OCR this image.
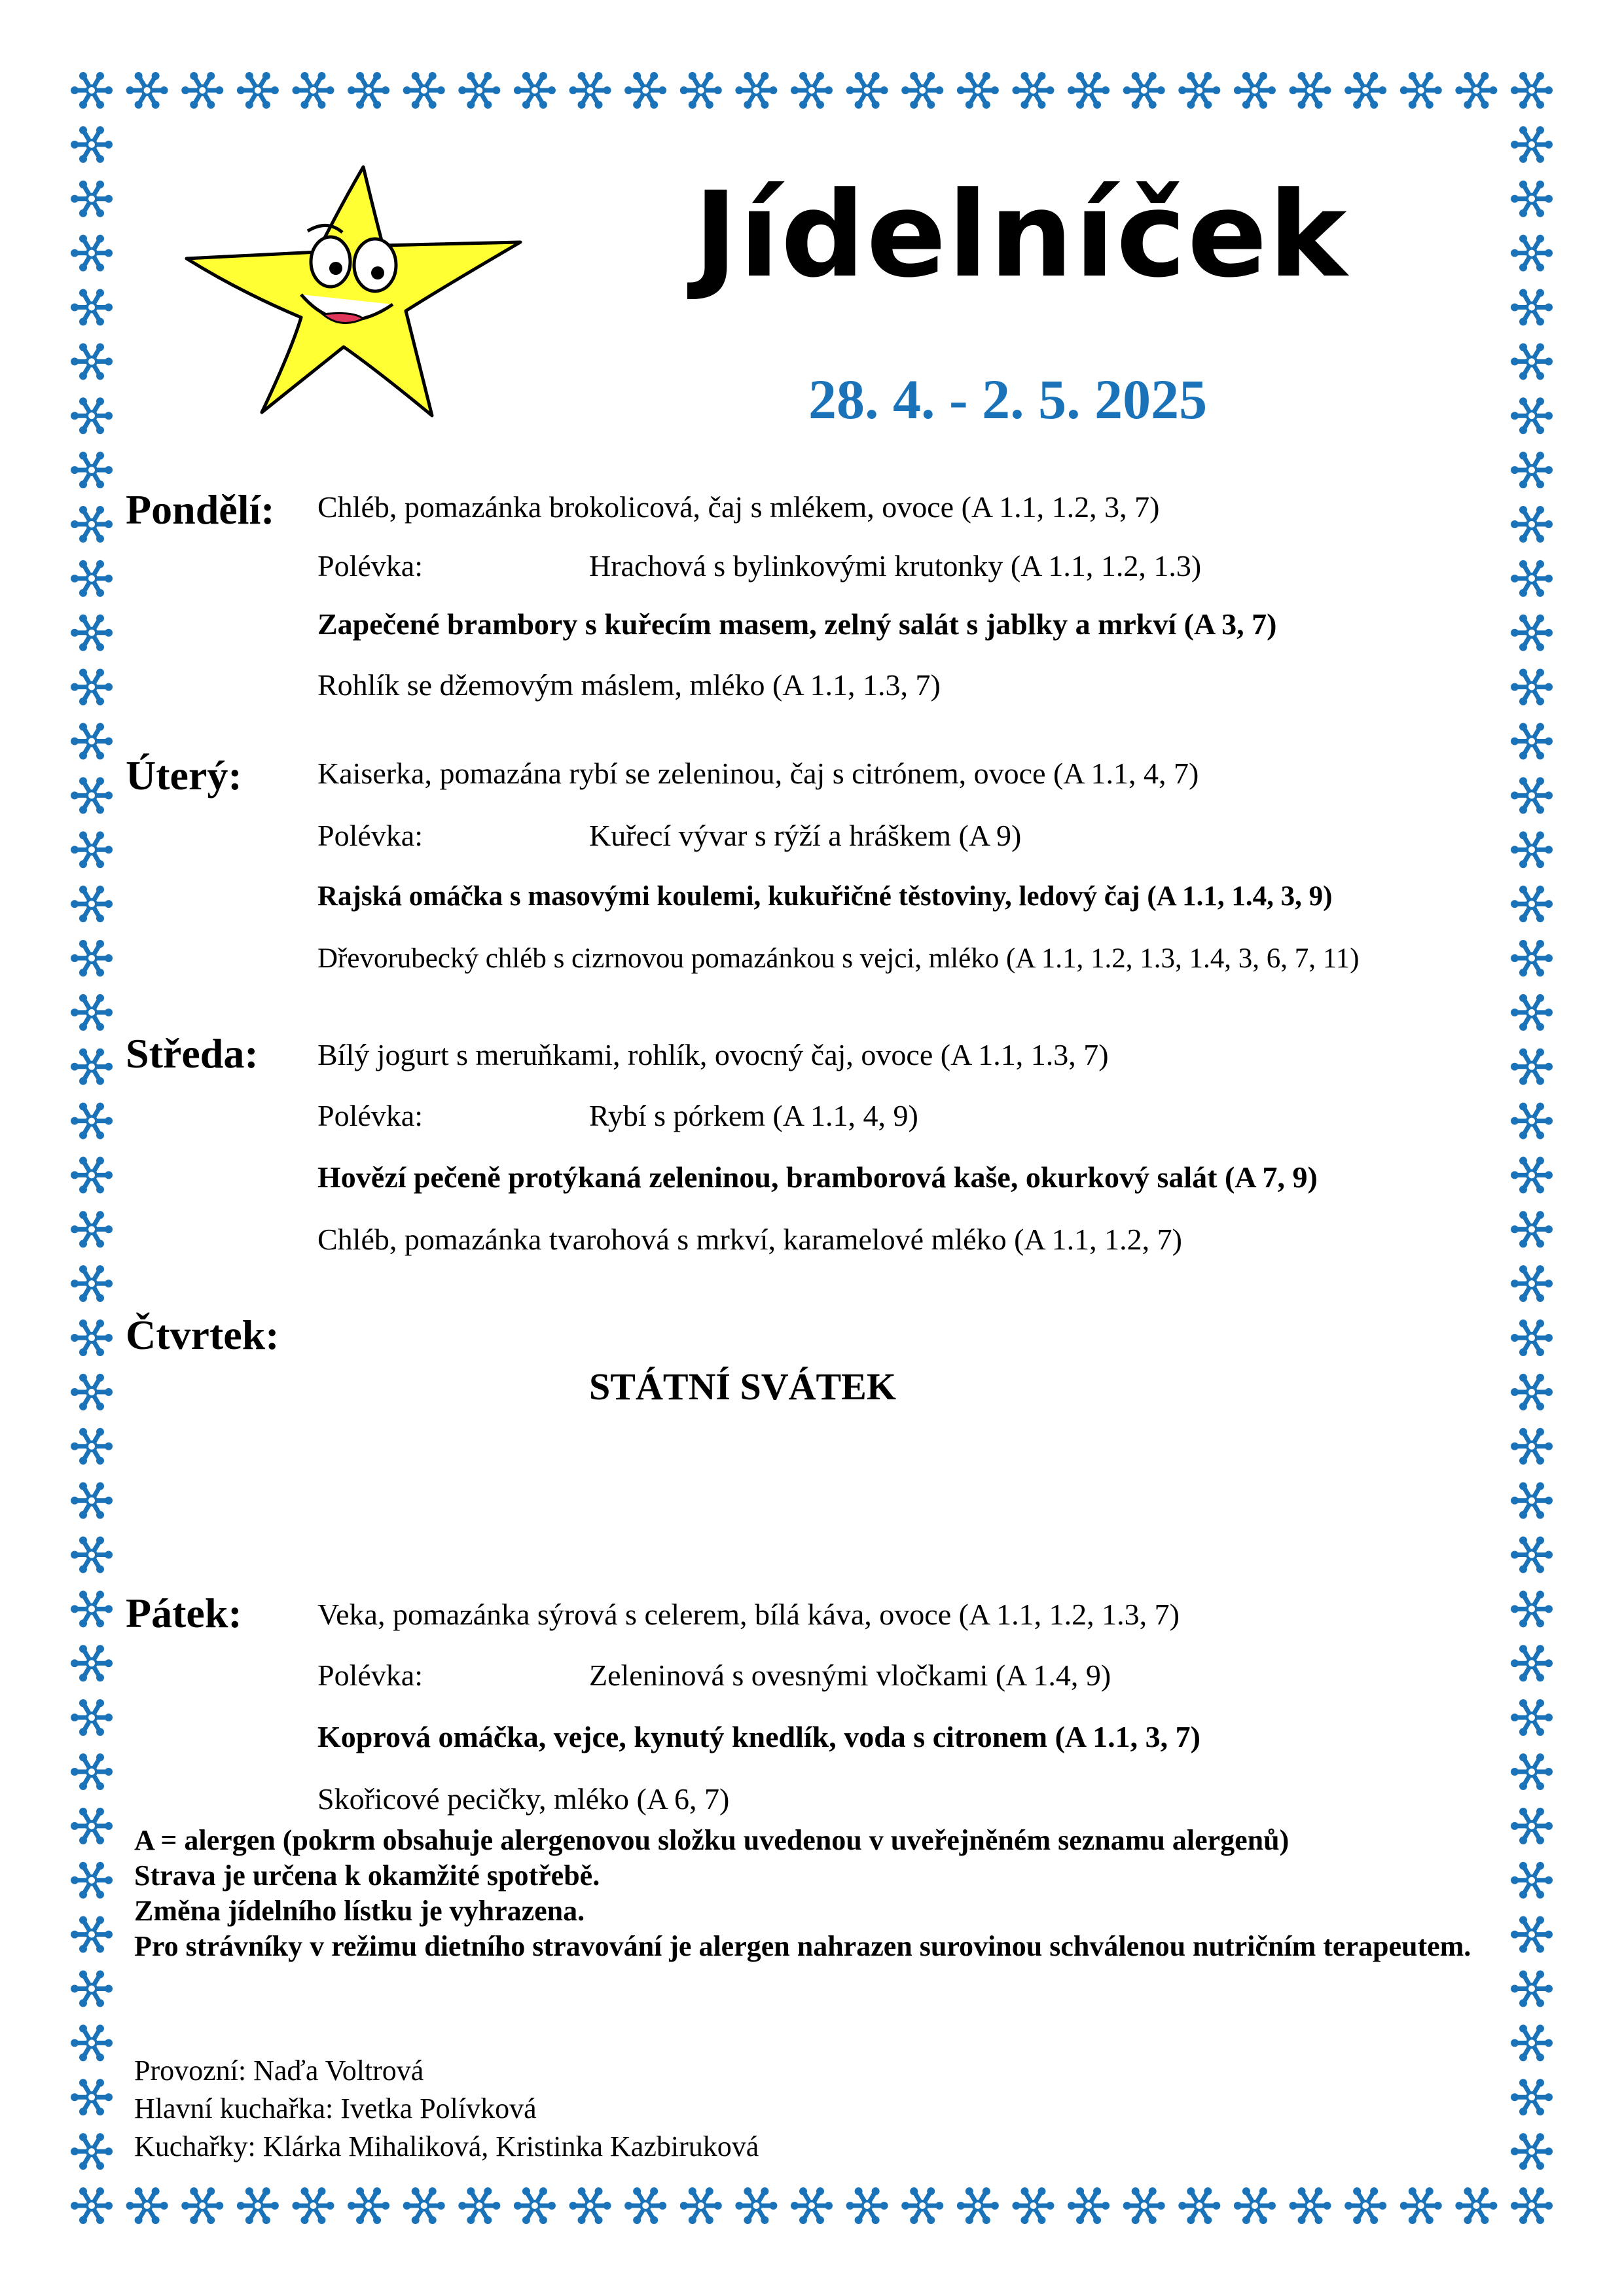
Jídelníček
28. 4. - 2. 5. 2025
Pondělí: Chléb, pomazánka brokolicová, čaj s mlékem, ovoce (A 1.1, 1.2, 3, 7)
Polévka:	Hrachová s bylinkovými krutonky (A 1.1, 1.2, 1.3)
Zapečené brambory s kuřecím masem, zelný salát s jablky a mrkví (A 3, 7)
Rohlík se džemovým máslem, mléko (A 1.1, 1.3, 7)
Úterý:	Kaiserka, pomazána rybí se zeleninou, čaj s citrónem, ovoce (A 1.1, 4, 7)
Polévka:	Kuřecí vývar s rýží a hráškem (A 9)
Rajská omáčka s masovými koulemi, kukuřičné těstoviny, ledový čaj (A 1.1, 1.4, 3, 9)
Dřevorubecký chléb s cizrnovou pomazánkou s vejci, mléko (A 1.1, 1.2, 1.3, 1.4, 3, 6, 7, 11)
Středa: Bílý jogurt s meruňkami, rohlík, ovocný čaj, ovoce (A 1.1, 1.3, 7)
Polévka:	Rybí s pórkem (A 1.1, 4, 9)
Hovězí pečeně protýkaná zeleninou, bramborová kaše, okurkový salát (A 7, 9)
Chléb, pomazánka tvarohová s mrkví, karamelové mléko (A 1.1, 1.2, 7)
Čtvrtek:
STÁTNÍ SVÁTEK
Pátek:	Veka, pomazánka sýrová s celerem, bílá káva, ovoce (A 1.1, 1.2, 1.3, 7)
Polévka:	Zeleninová s ovesnými vločkami (A 1.4, 9)
Koprová omáčka, vejce, kynutý knedlík, voda s citronem (A 1.1, 3, 7)
Skořicové pecičky, mléko (A 6, 7)
A = alergen (pokrm obsahuje alergenovou složku uvedenou v uveřejněném seznamu alergenů)
Strava je určena k okamžité spotřebě.
Změna jídelního lístku je vyhrazena.
Pro strávníky v režimu dietního stravování je alergen nahrazen surovinou schválenou nutričním terapeutem.
Provozní: Naďa Voltrová
Hlavní kuchařka: Ivetka Polívková
Kuchařky: Klárka Mihaliková, Kristinka Kazbiruková
